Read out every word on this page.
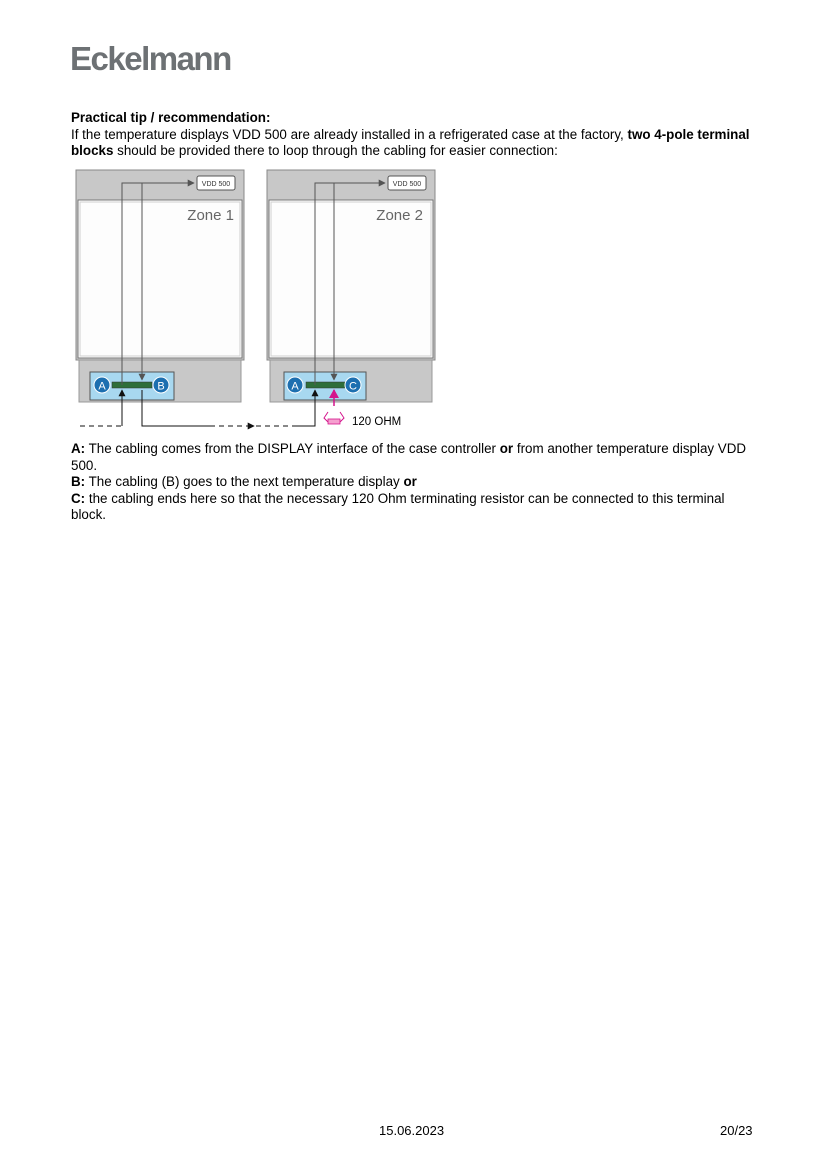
Eckelmann
Practical tip / recommendation:

If the temperature displays VDD 500 are already installed in a refrigerated case at the factory, two 4-pole terminal blocks should be provided there to loop through the cabling for easier connection:

VDD 500
Zone 1
A	B
VDD 500
Zone 2
A	C
120 OHM

A: The cabling comes from the DISPLAY interface of the case controller or from another temperature display VDD 500.

B: The cabling (B) goes to the next temperature display or

C: the cabling ends here so that the necessary 120 Ohm terminating resistor can be connected to this terminal block.

15.06.2023	20/23
